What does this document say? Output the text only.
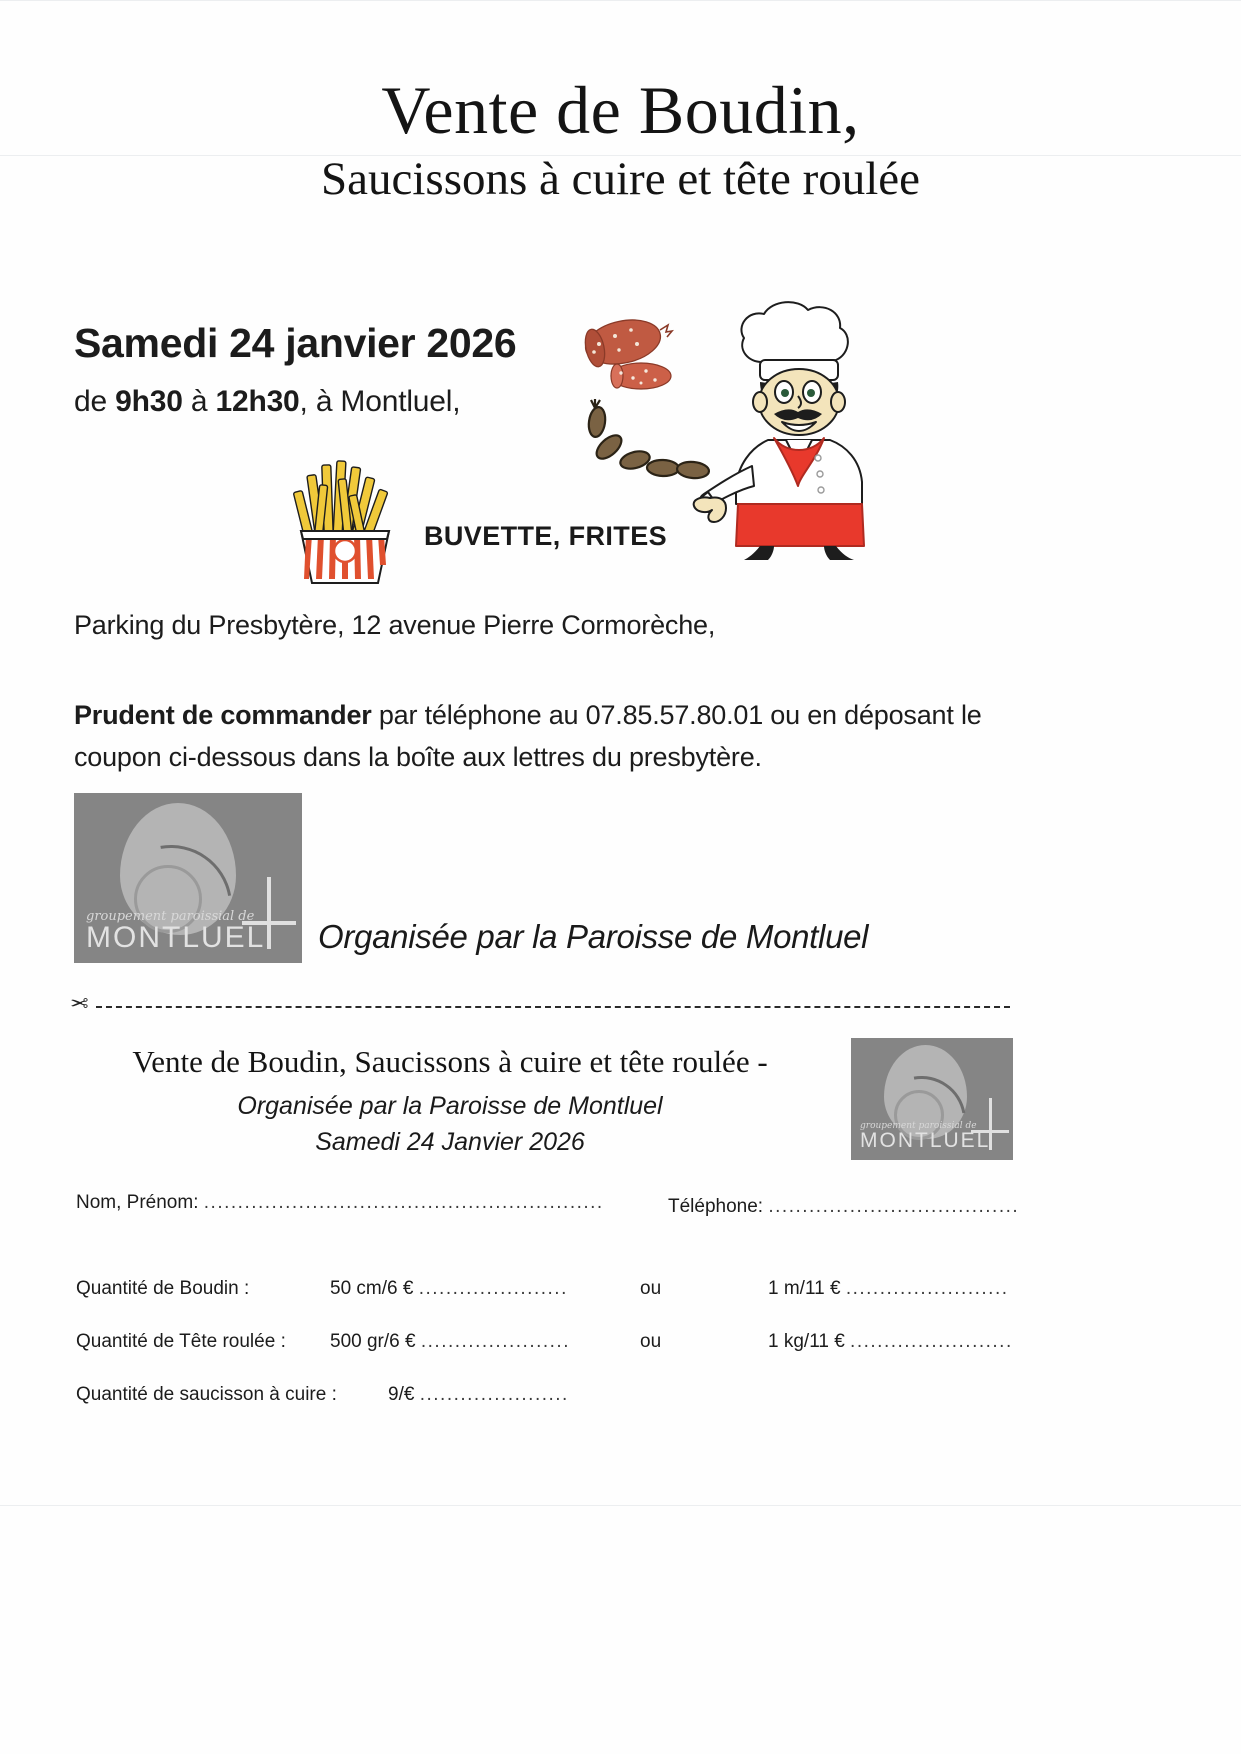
Vente de Boudin,
Saucissons à cuire et tête roulée
Samedi 24 janvier 2026
de 9h30 à 12h30, à Montluel,
BUVETTE, FRITES
Parking du Presbytère, 12 avenue Pierre Cormorèche,
Prudent de commander par téléphone au 07.85.57.80.01 ou en déposant le coupon ci-dessous dans la boîte aux lettres du presbytère.
groupement paroissial de
MONTLUEL Organisée par la Paroisse de Montluel
✂
Vente de Boudin, Saucissons à cuire et tête roulée -
Organisée par la Paroisse de Montluel
Samedi 24 Janvier 2026
groupement paroissial de
MONTLUEL
Nom, Prénom: ...........................................................	Téléphone: .....................................
Quantité de Boudin :	50 cm/6 € ......................	ou	1 m/11 € ........................
Quantité de Tête roulée : 500 gr/6 € ......................	ou	1 kg/11 € ........................
Quantité de saucisson à cuire :	9/€ ......................
